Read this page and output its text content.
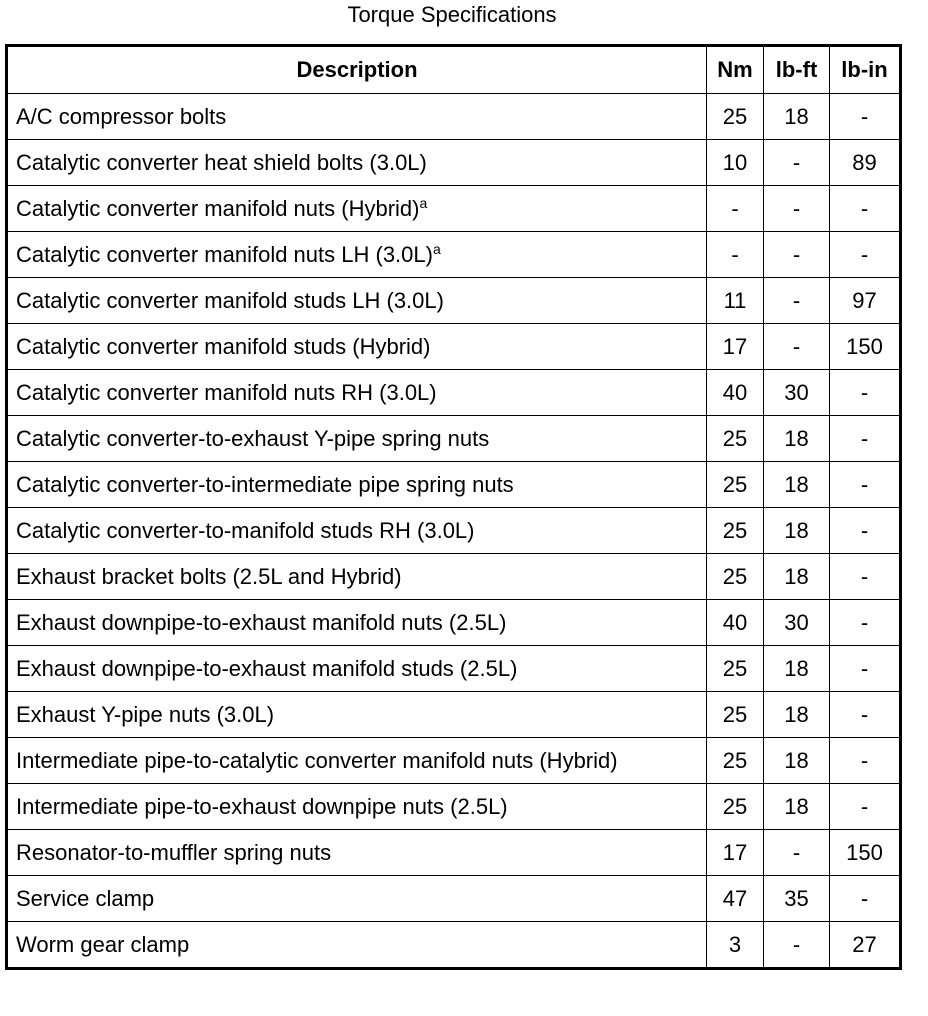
Torque Specifications
Description	Nm	lb-ft	lb-in
A/C compressor bolts	25	18	-
Catalytic converter heat shield bolts (3.0L)	10	-	89
Catalytic converter manifold nuts (Hybrid)$^a$	-	-	-
Catalytic converter manifold nuts LH $(3.0L)^a$	-	-	-
Catalytic converter manifold studs LH (3.0L)	11	-	97
Catalytic converter manifold studs (Hybrid)	17	-	150
Catalytic converter manifold nuts RH (3.0L)	40	30	-
Catalytic converter-to-exhaust Y-pipe spring nuts	25	18	-
Catalytic converter-to-intermediate pipe spring nuts	25	18	-
Catalytic converter-to-manifold studs RH (3.0L)	25	18	-
Exhaust bracket bolts (2.5L and Hybrid)	25	18	-
Exhaust downpipe-to-exhaust manifold nuts (2.5L)	40	30	-
Exhaust downpipe-to-exhaust manifold studs (2.5L)	25	18	-
Exhaust Y-pipe nuts (3.0L)	25	18	-
Intermediate pipe-to-catalytic converter manifold nuts (Hybrid)	25	18	-
Intermediate pipe-to-exhaust downpipe nuts (2.5L)	25	18	-
Resonator-to-muffler spring nuts	17	-	150
Service clamp	47	35	-
Worm gear clamp	3	-	27
